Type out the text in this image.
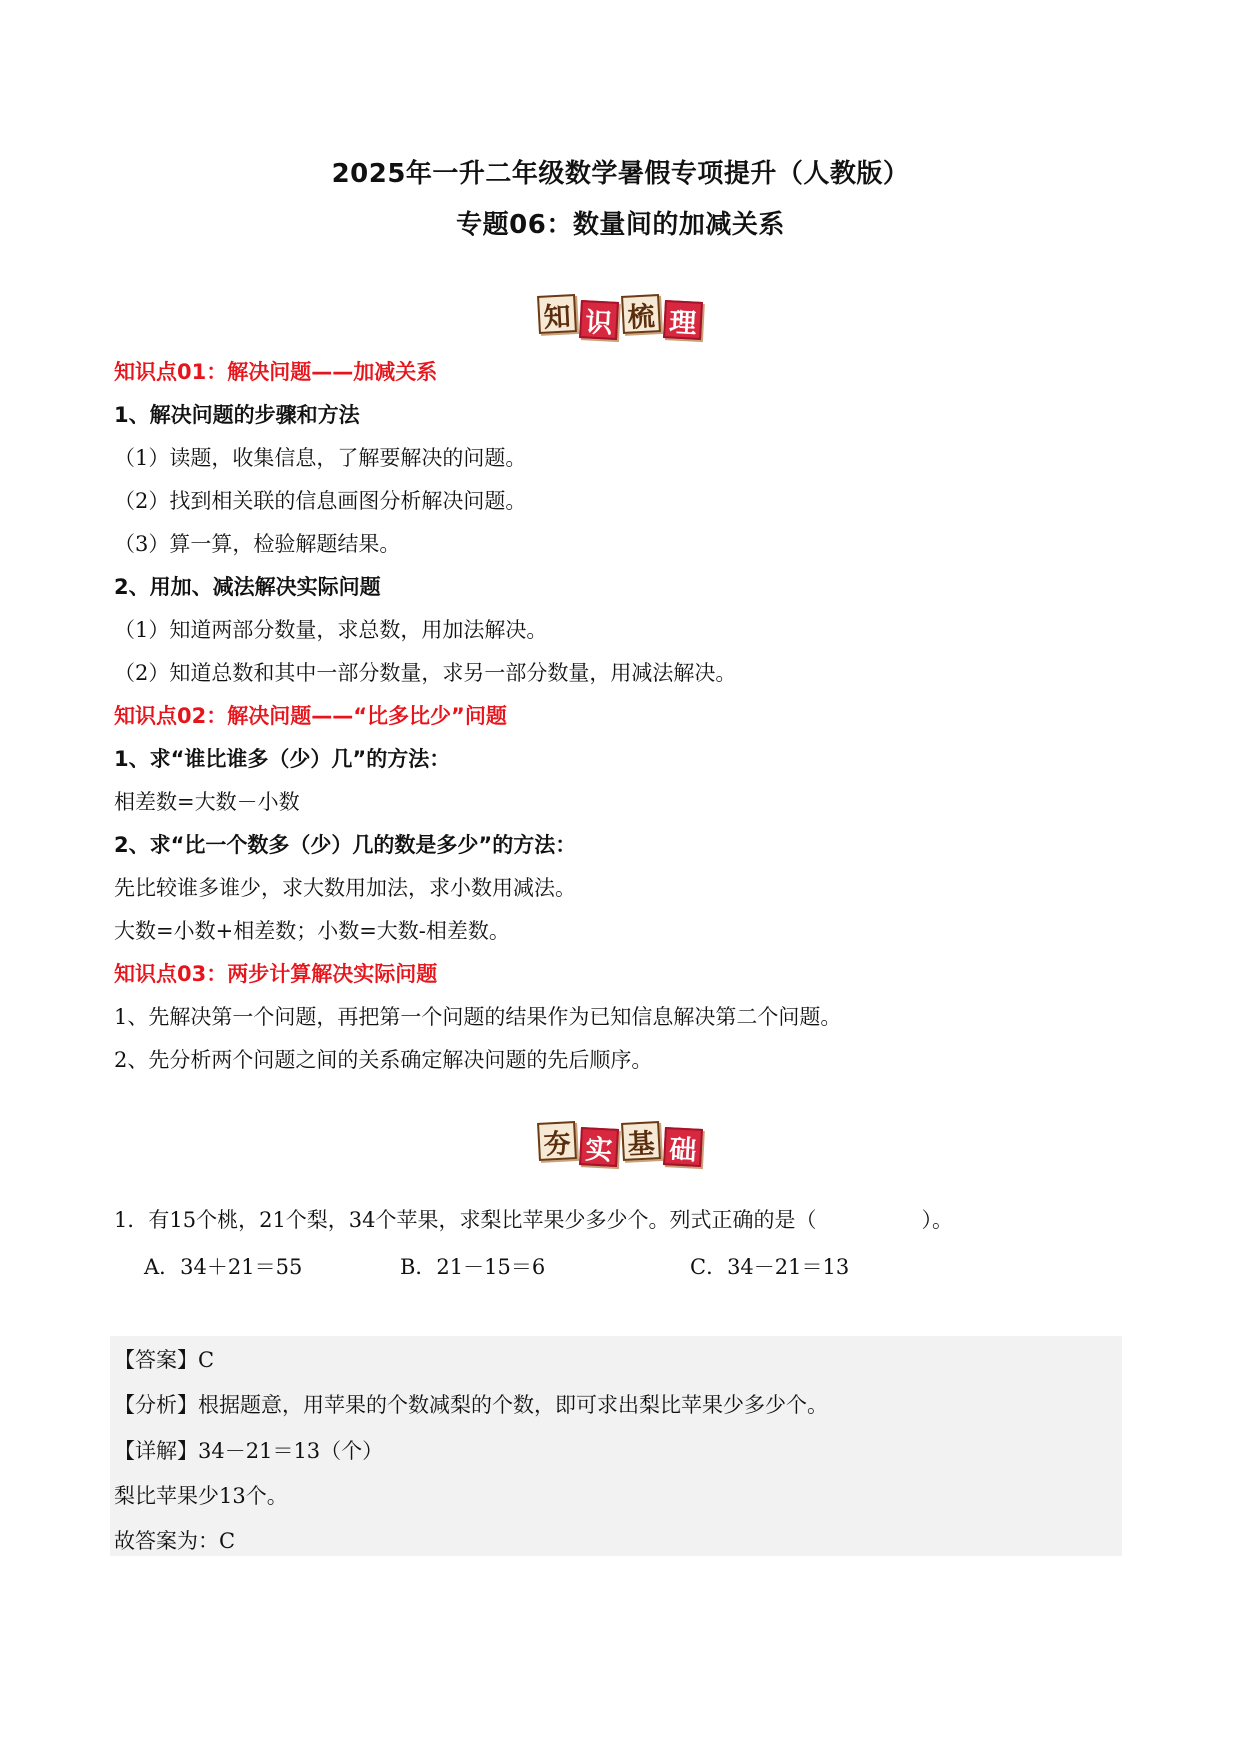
2025年一升二年级数学暑假专项提升（人教版）
专题06：数量间的加减关系
知 识 梳 理
知识点01：解决问题——加减关系
1、解决问题的步骤和方法
（1）读题，收集信息，了解要解决的问题。
（2）找到相关联的信息画图分析解决问题。
（3）算一算，检验解题结果。
2、用加、减法解决实际问题
（1）知道两部分数量，求总数，用加法解决。
（2）知道总数和其中一部分数量，求另一部分数量，用减法解决。
知识点02：解决问题——“比多比少”问题
1、求“谁比谁多（少）几”的方法：
相差数=大数－小数
2、求“比一个数多（少）几的数是多少”的方法：
先比较谁多谁少，求大数用加法，求小数用减法。
大数=小数+相差数；小数=大数-相差数。
知识点03：两步计算解决实际问题
1、先解决第一个问题，再把第一个问题的结果作为已知信息解决第二个问题。
2、先分析两个问题之间的关系确定解决问题的先后顺序。
夯 实 基 础
1．有15个桃，21个梨，34个苹果，求梨比苹果少多少个。列式正确的是（　　　　　）。
A．34＋21＝55	B．21－15＝6	C．34－21＝13
【答案】C
【分析】根据题意，用苹果的个数减梨的个数，即可求出梨比苹果少多少个。
【详解】34－21＝13（个）
梨比苹果少13个。
故答案为：C
